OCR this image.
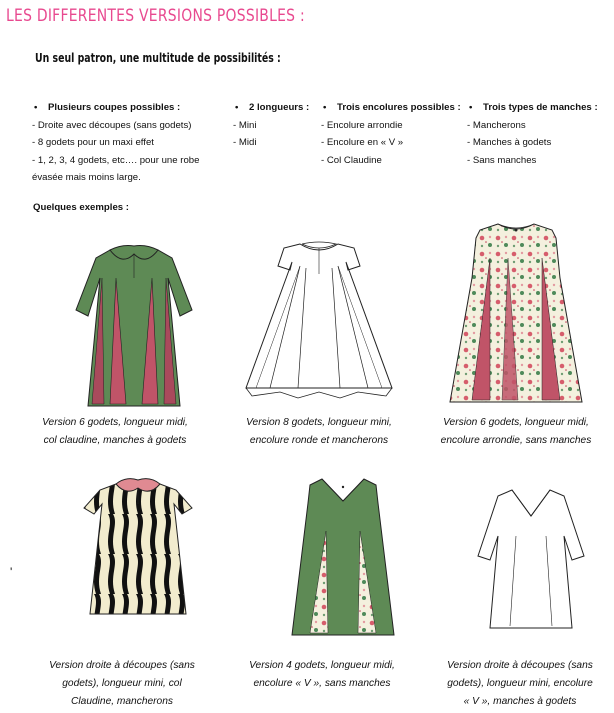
LES DIFFERENTES VERSIONS POSSIBLES :
Un seul patron, une multitude de possibilités :
• Plusieurs coupes possibles :
- Droite avec découpes (sans godets)
- 8 godets pour un maxi effet
- 1, 2, 3, 4 godets, etc…. pour une robe évasée mais moins large.
• 2 longueurs :
- Mini
- Midi
• Trois encolures possibles :
- Encolure arrondie
- Encolure en « V »
- Col Claudine
• Trois types de manches :
- Mancherons
- Manches à godets
- Sans manches
Quelques exemples :
Version 6 godets, longueur midi,
col claudine, manches à godets
Version 8 godets, longueur mini,
encolure ronde et mancherons
Version 6 godets, longueur midi,
encolure arrondie, sans manches
Version droite à découpes (sans
godets), longueur mini, col
Claudine, mancherons
Version 4 godets, longueur midi,
encolure « V », sans manches
Version droite à découpes (sans
godets), longueur mini, encolure
« V », manches à godets
'
